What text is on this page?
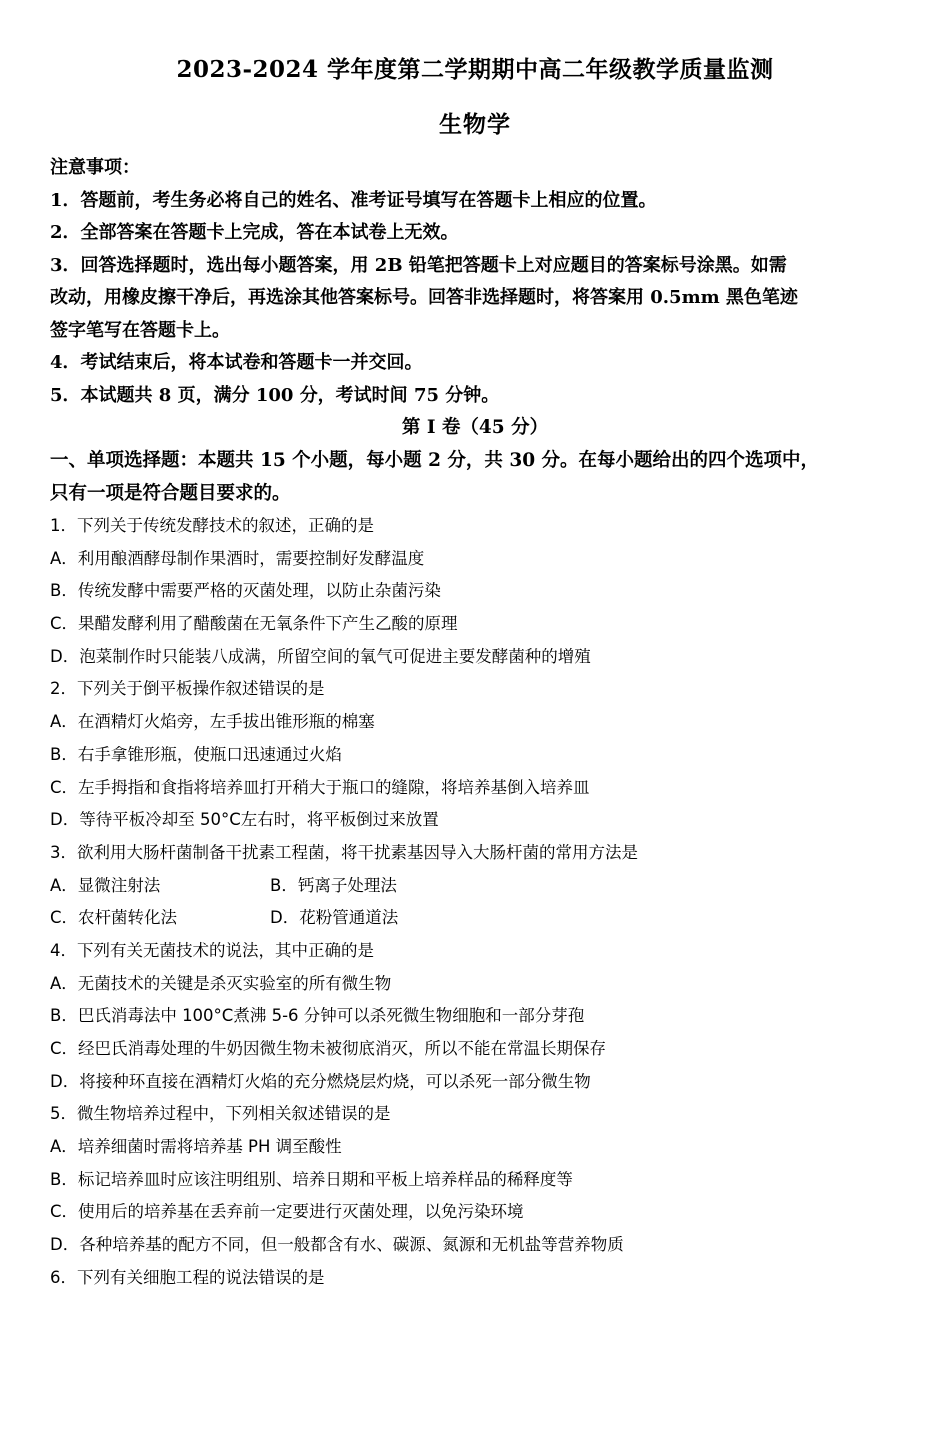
2023-2024 学年度第二学期期中高二年级教学质量监测
生物学
注意事项：
1．答题前，考生务必将自己的姓名、准考证号填写在答题卡上相应的位置。
2．全部答案在答题卡上完成，答在本试卷上无效。
3．回答选择题时，选出每小题答案，用 2B 铅笔把答题卡上对应题目的答案标号涂黑。如需
改动，用橡皮擦干净后，再选涂其他答案标号。回答非选择题时，将答案用 0.5mm 黑色笔迹
签字笔写在答题卡上。
4．考试结束后，将本试卷和答题卡一并交回。
5．本试题共 8 页，满分 100 分，考试时间 75 分钟。
第 I 卷（45 分）
一、单项选择题：本题共 15 个小题，每小题 2 分，共 30 分。在每小题给出的四个选项中，
只有一项是符合题目要求的。
1．下列关于传统发酵技术的叙述，正确的是
A．利用酿酒酵母制作果酒时，需要控制好发酵温度
B．传统发酵中需要严格的灭菌处理，以防止杂菌污染
C．果醋发酵利用了醋酸菌在无氧条件下产生乙酸的原理
D．泡菜制作时只能装八成满，所留空间的氧气可促进主要发酵菌种的增殖
2．下列关于倒平板操作叙述错误的是
A．在酒精灯火焰旁，左手拔出锥形瓶的棉塞
B．右手拿锥形瓶，使瓶口迅速通过火焰
C．左手拇指和食指将培养皿打开稍大于瓶口的缝隙，将培养基倒入培养皿
D．等待平板冷却至 50°C左右时，将平板倒过来放置
3．欲利用大肠杆菌制备干扰素工程菌，将干扰素基因导入大肠杆菌的常用方法是
A．显微注射法	B．钙离子处理法
C．农杆菌转化法	D．花粉管通道法
4．下列有关无菌技术的说法，其中正确的是
A．无菌技术的关键是杀灭实验室的所有微生物
B．巴氏消毒法中 100°C煮沸 5-6 分钟可以杀死微生物细胞和一部分芽孢
C．经巴氏消毒处理的牛奶因微生物未被彻底消灭，所以不能在常温长期保存
D．将接种环直接在酒精灯火焰的充分燃烧层灼烧，可以杀死一部分微生物
5．微生物培养过程中，下列相关叙述错误的是
A．培养细菌时需将培养基 PH 调至酸性
B．标记培养皿时应该注明组别、培养日期和平板上培养样品的稀释度等
C．使用后的培养基在丢弃前一定要进行灭菌处理，以免污染环境
D．各种培养基的配方不同，但一般都含有水、碳源、氮源和无机盐等营养物质
6．下列有关细胞工程的说法错误的是
